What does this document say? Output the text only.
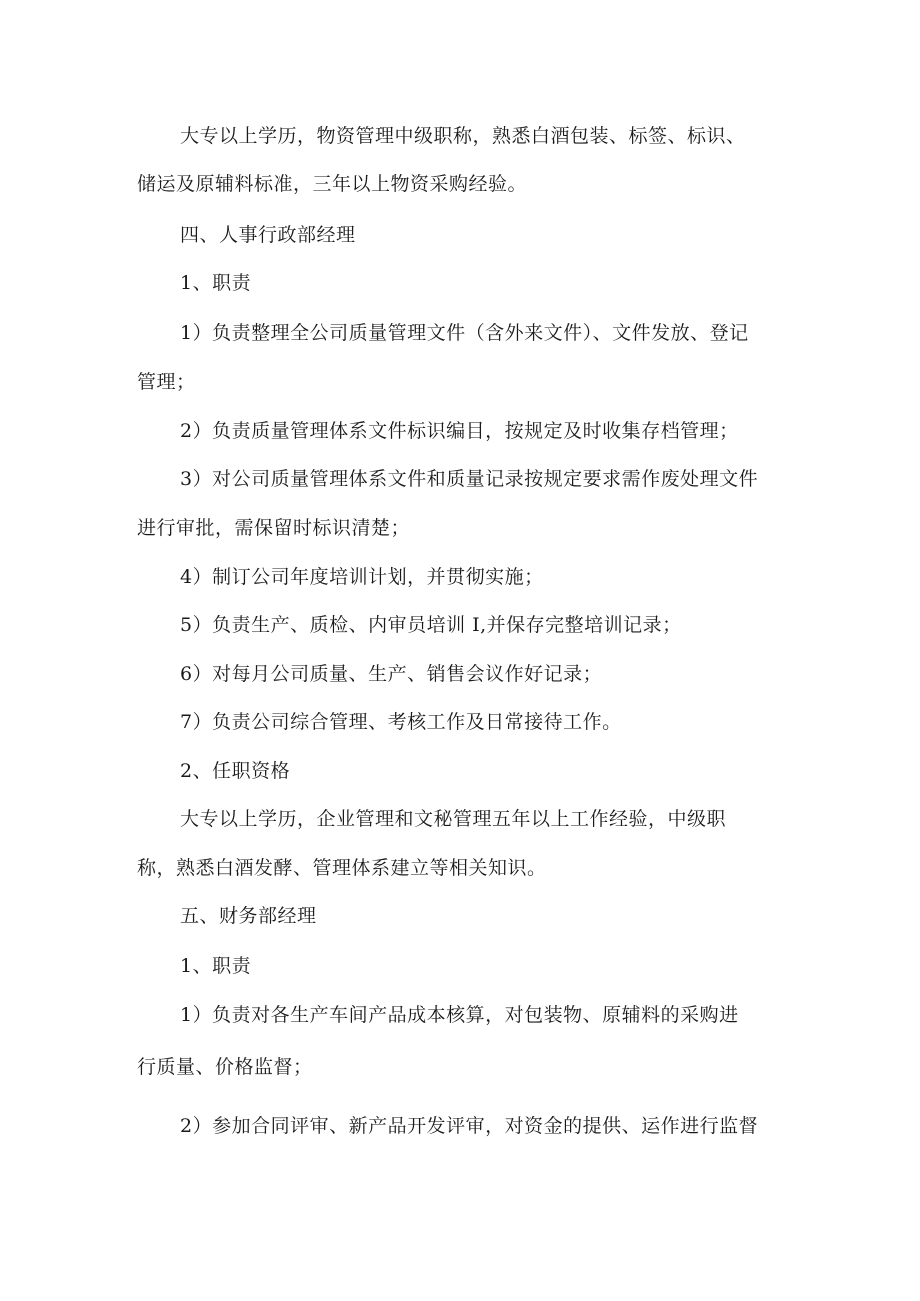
大专以上学历，物资管理中级职称，熟悉白酒包装、标签、标识、
储运及原辅料标准，三年以上物资采购经验。
四、人事行政部经理
1、职责
1）负责整理全公司质量管理文件（含外来文件）、文件发放、登记
管理；
2）负责质量管理体系文件标识编目，按规定及时收集存档管理；
3）对公司质量管理体系文件和质量记录按规定要求需作废处理文件
进行审批，需保留时标识清楚；
4）制订公司年度培训计划，并贯彻实施；
5）负责生产、质检、内审员培训 I,并保存完整培训记录；
6）对每月公司质量、生产、销售会议作好记录；
7）负责公司综合管理、考核工作及日常接待工作。
2、任职资格
大专以上学历，企业管理和文秘管理五年以上工作经验，中级职
称，熟悉白酒发酵、管理体系建立等相关知识。
五、财务部经理
1、职责
1）负责对各生产车间产品成本核算，对包装物、原辅料的采购进
行质量、价格监督；
2）参加合同评审、新产品开发评审，对资金的提供、运作进行监督
